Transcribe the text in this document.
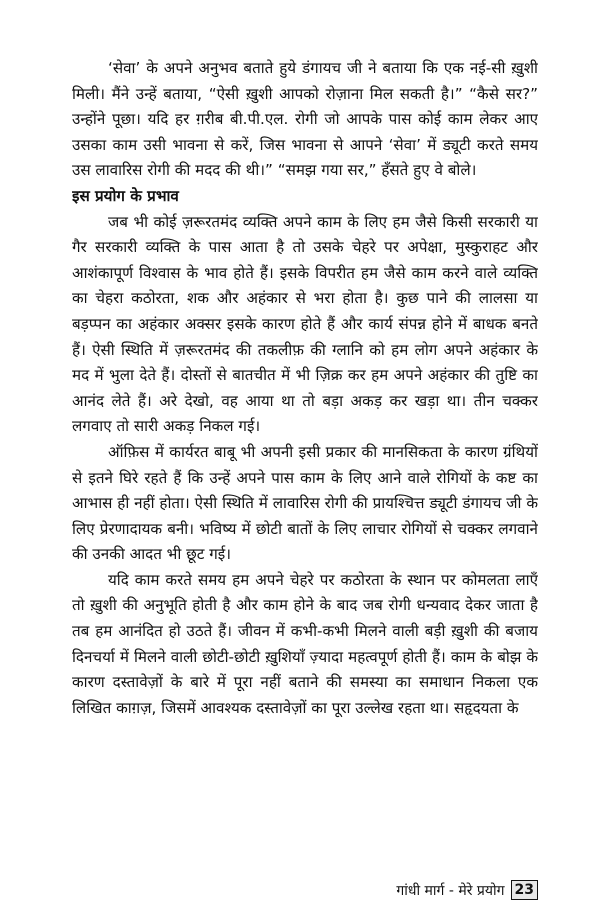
‘सेवा’ के अपने अनुभव बताते हुये डंगायच जी ने बताया कि एक नई-सी ख़ुशी मिली। मैंने उन्हें बताया, “ऐसी ख़ुशी आपको रोज़ाना मिल सकती है।” “कैसे सर?” उन्होंने पूछा। यदि हर ग़रीब बी.पी.एल. रोगी जो आपके पास कोई काम लेकर आए उसका काम उसी भावना से करें, जिस भावना से आपने ‘सेवा’ में ड्यूटी करते समय उस लावारिस रोगी की मदद की थी।” “समझ गया सर,” हँसते हुए वे बोले।

इस प्रयोग के प्रभाव

जब भी कोई ज़रूरतमंद व्यक्ति अपने काम के लिए हम जैसे किसी सरकारी या गैर सरकारी व्यक्ति के पास आता है तो उसके चेहरे पर अपेक्षा, मुस्कुराहट और आशंकापूर्ण विश्वास के भाव होते हैं। इसके विपरीत हम जैसे काम करने वाले व्यक्ति का चेहरा कठोरता, शक और अहंकार से भरा होता है। कुछ पाने की लालसा या बड़प्पन का अहंकार अक्सर इसके कारण होते हैं और कार्य संपन्न होने में बाधक बनते हैं। ऐसी स्थिति में ज़रूरतमंद की तकलीफ़ की ग्लानि को हम लोग अपने अहंकार के मद में भुला देते हैं। दोस्तों से बातचीत में भी ज़िक्र कर हम अपने अहंकार की तुष्टि का आनंद लेते हैं। अरे देखो, वह आया था तो बड़ा अकड़ कर खड़ा था। तीन चक्कर लगवाए तो सारी अकड़ निकल गई।

ऑफ़िस में कार्यरत बाबू भी अपनी इसी प्रकार की मानसिकता के कारण ग्रंथियों से इतने घिरे रहते हैं कि उन्हें अपने पास काम के लिए आने वाले रोगियों के कष्ट का आभास ही नहीं होता। ऐसी स्थिति में लावारिस रोगी की प्रायश्चित्त ड्यूटी डंगायच जी के लिए प्रेरणादायक बनी। भविष्य में छोटी बातों के लिए लाचार रोगियों से चक्कर लगवाने की उनकी आदत भी छूट गई।

यदि काम करते समय हम अपने चेहरे पर कठोरता के स्थान पर कोमलता लाएँ तो ख़ुशी की अनुभूति होती है और काम होने के बाद जब रोगी धन्यवाद देकर जाता है तब हम आनंदित हो उठते हैं। जीवन में कभी-कभी मिलने वाली बड़ी ख़ुशी की बजाय दिनचर्या में मिलने वाली छोटी-छोटी ख़ुशियाँ ज़्यादा महत्वपूर्ण होती हैं। काम के बोझ के कारण दस्तावेज़ों के बारे में पूरा नहीं बताने की समस्या का समाधान निकला एक लिखित काग़ज़, जिसमें आवश्यक दस्तावेज़ों का पूरा उल्लेख रहता था। सहृदयता के

गांधी मार्ग - मेरे प्रयोग 23
